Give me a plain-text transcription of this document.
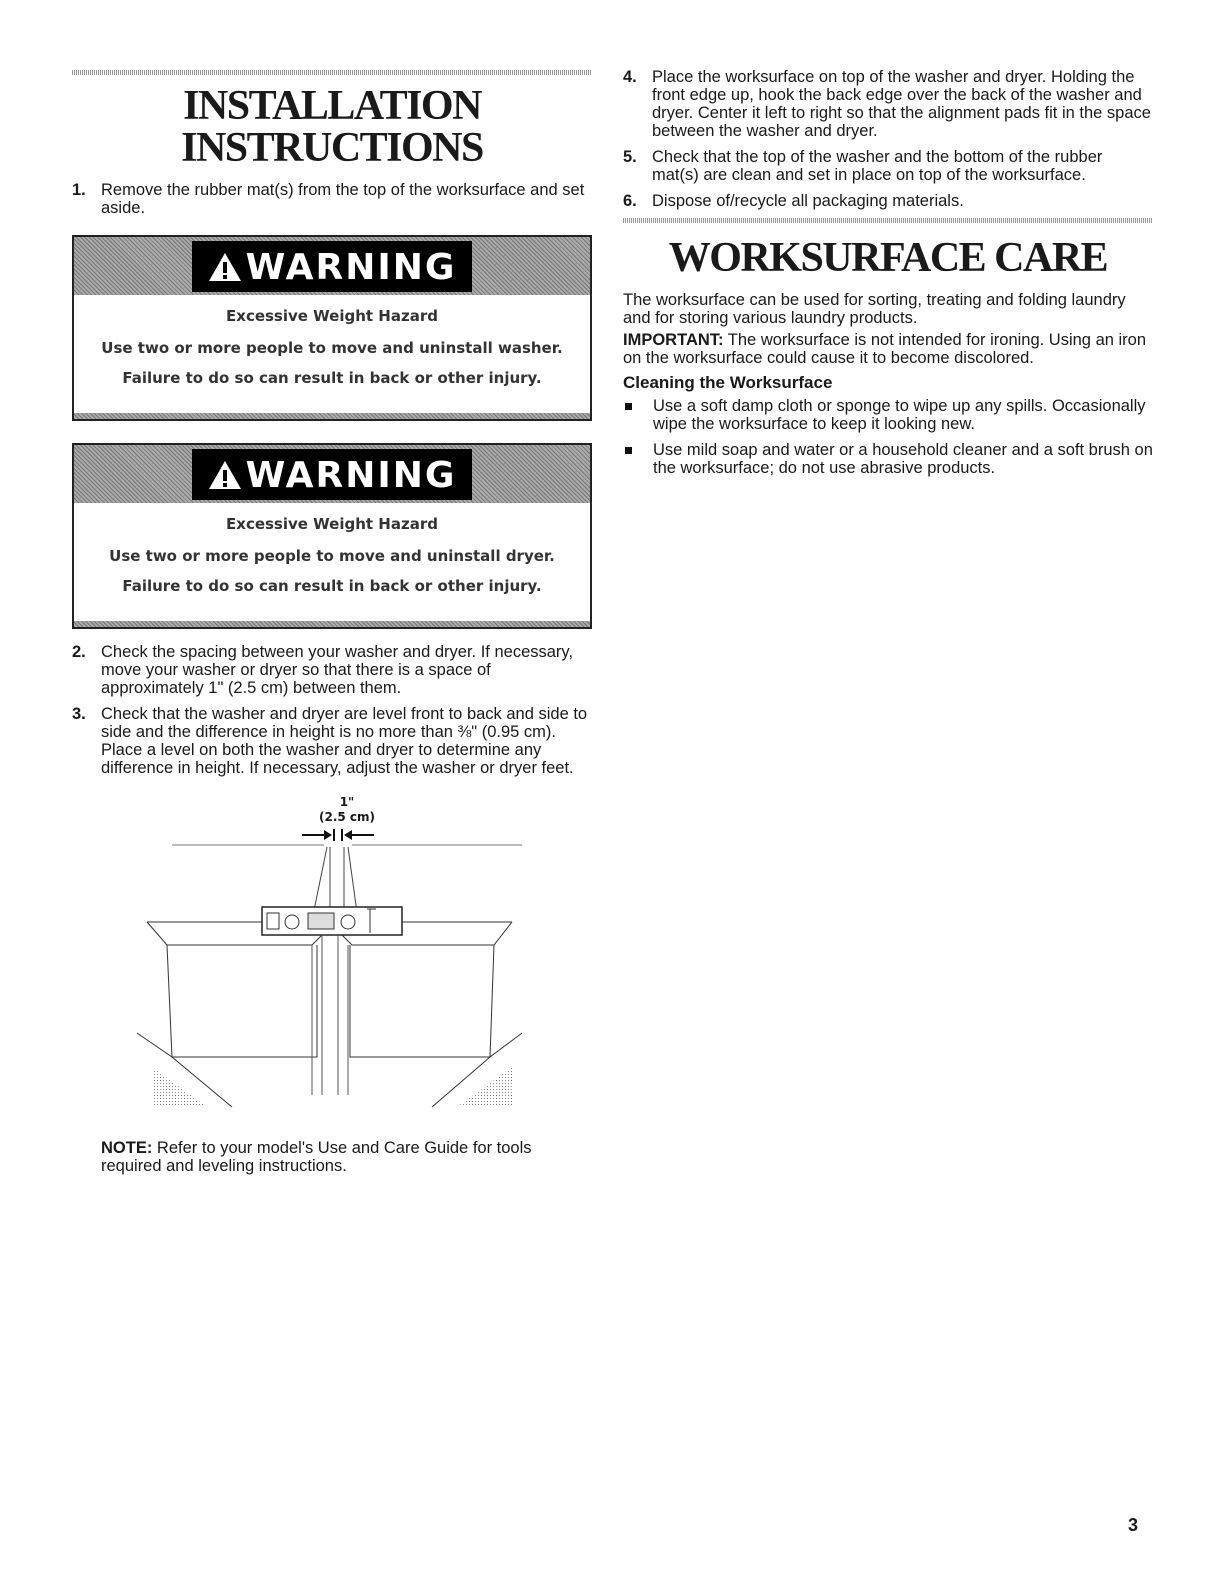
INSTALLATION INSTRUCTIONS
1. Remove the rubber mat(s) from the top of the worksurface and set aside.
WARNING
Excessive Weight Hazard
Use two or more people to move and uninstall washer.
Failure to do so can result in back or other injury.
WARNING
Excessive Weight Hazard
Use two or more people to move and uninstall dryer.
Failure to do so can result in back or other injury.
2. Check the spacing between your washer and dryer. If necessary, move your washer or dryer so that there is a space of approximately 1" (2.5 cm) between them.
3. Check that the washer and dryer are level front to back and side to side and the difference in height is no more than ⅜" (0.95 cm). Place a level on both the washer and dryer to determine any difference in height. If necessary, adjust the washer or dryer feet.
1"
(2.5 cm)
NOTE: Refer to your model's Use and Care Guide for tools required and leveling instructions.
4. Place the worksurface on top of the washer and dryer. Holding the front edge up, hook the back edge over the back of the washer and dryer. Center it left to right so that the alignment pads fit in the space between the washer and dryer.
5. Check that the top of the washer and the bottom of the rubber mat(s) are clean and set in place on top of the worksurface.
6. Dispose of/recycle all packaging materials.
WORKSURFACE CARE

The worksurface can be used for sorting, treating and folding laundry and for storing various laundry products.

IMPORTANT: The worksurface is not intended for ironing. Using an iron on the worksurface could cause it to become discolored.

Cleaning the Worksurface
Use a soft damp cloth or sponge to wipe up any spills. Occasionally wipe the worksurface to keep it looking new.
Use mild soap and water or a household cleaner and a soft brush on the worksurface; do not use abrasive products.
3
